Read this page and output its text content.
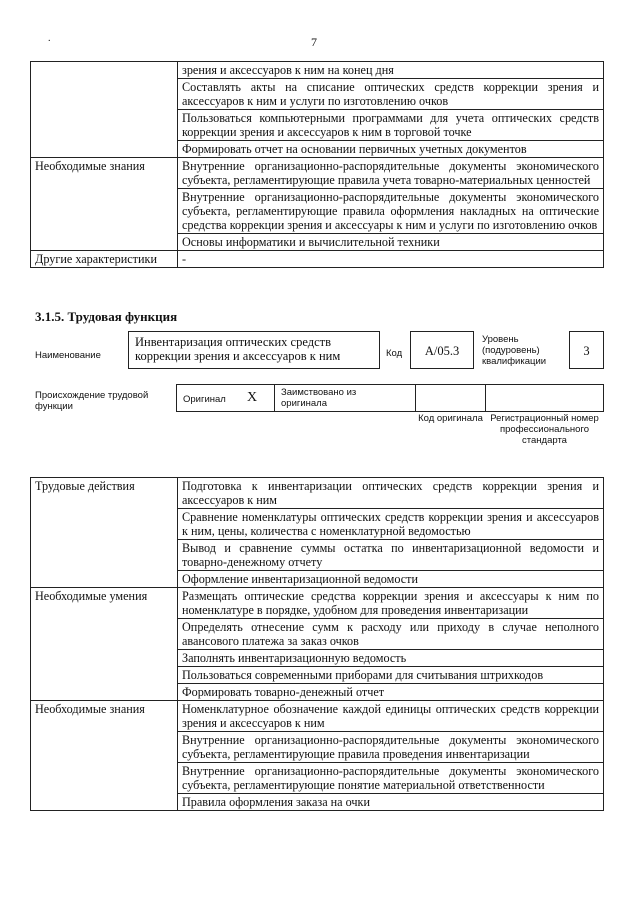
.	7
	зрения и аксессуаров к ним на конец дня
	Составлять акты на списание оптических средств коррекции зрения и аксессуаров к ним и услуги по изготовлению очков
	Пользоваться компьютерными программами для учета оптических средств коррекции зрения и аксессуаров к ним в торговой точке
	Формировать отчет на основании первичных учетных документов
Необходимые знания	Внутренние организационно-распорядительные документы экономического субъекта, регламентирующие правила учета товарно-материальных ценностей
	Внутренние организационно-распорядительные документы экономического субъекта, регламентирующие правила оформления накладных на оптические средства коррекции зрения и аксессуары к ним и услуги по изготовлению очков
	Основы информатики и вычислительной техники
Другие характеристики	-
3.1.5. Трудовая функция
Наименование
Инвентаризация оптических средств коррекции зрения и аксессуаров к ним	Код	A/05.3
Уровень (подуровень) квалификации
3
Происхождение трудовой функции
Оригинал X	Заимствовано из оригинала
Код оригинала Регистрационный номер профессионального стандарта
Трудовые действия	Подготовка к инвентаризации оптических средств коррекции зрения и аксессуаров к ним
	Сравнение номенклатуры оптических средств коррекции зрения и аксессуаров к ним, цены, количества с номенклатурной ведомостью
	Вывод и сравнение суммы остатка по инвентаризационной ведомости и товарно-денежному отчету
	Оформление инвентаризационной ведомости
Необходимые умения	Размещать оптические средства коррекции зрения и аксессуары к ним по номенклатуре в порядке, удобном для проведения инвентаризации
	Определять отнесение сумм к расходу или приходу в случае неполного авансового платежа за заказ очков
	Заполнять инвентаризационную ведомость
	Пользоваться современными приборами для считывания штрихкодов
	Формировать товарно-денежный отчет
Необходимые знания	Номенклатурное обозначение каждой единицы оптических средств коррекции зрения и аксессуаров к ним
	Внутренние организационно-распорядительные документы экономического субъекта, регламентирующие правила проведения инвентаризации
	Внутренние организационно-распорядительные документы экономического субъекта, регламентирующие понятие материальной ответственности
	Правила оформления заказа на очки
